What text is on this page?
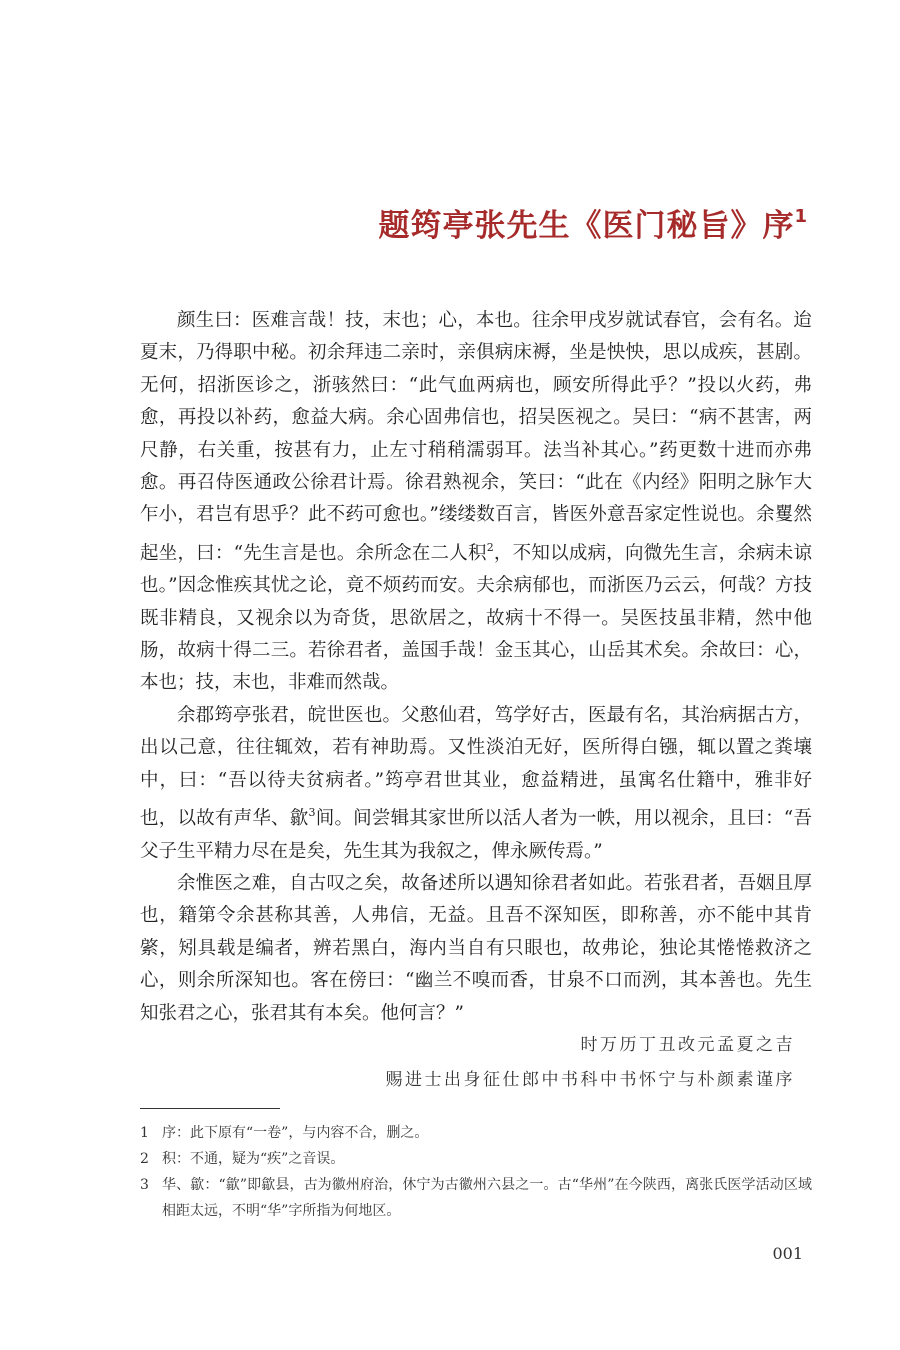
题筠亭张先生《医门秘旨》序$^1$

颜生曰：医难言哉！技，末也；心，本也。往余甲戌岁就试春官，会有名。迨夏末，乃得职中秘。初余拜违二亲时，亲俱病床褥，坐是怏怏，思以成疾，甚剧。无何，招浙医诊之，浙骇然曰：“此气血两病也，顾安所得此乎？”投以火药，弗愈，再投以补药，愈益大病。余心固弗信也，招吴医视之。吴曰：“病不甚害，两尺静，右关重，按甚有力，止左寸稍稍濡弱耳。法当补其心。”药更数十进而亦弗愈。再召侍医通政公徐君计焉。徐君熟视余，笑曰：“此在《内经》阳明之脉乍大乍小，君岂有思乎？此不药可愈也。”缕缕数百言，皆医外意吾家定性说也。余矍然起坐，曰：“先生言是也。余所念在二人积$^2$，不知以成病，向微先生言，余病未谅也。”因念惟疾其忧之论，竟不烦药而安。夫余病郁也，而浙医乃云云，何哉？方技既非精良，又视余以为奇货，思欲居之，故病十不得一。吴医技虽非精，然中他肠，故病十得二三。若徐君者，盖国手哉！金玉其心，山岳其术矣。余故曰：心，本也；技，末也，非难而然哉。

余郡筠亭张君，皖世医也。父憨仙君，笃学好古，医最有名，其治病据古方，出以己意，往往辄效，若有神助焉。又性淡泊无好，医所得白镪，辄以置之粪壤中，曰：“吾以待夫贫病者。”筠亭君世其业，愈益精进，虽寓名仕籍中，雅非好也，以故有声华、歙$^3$间。间尝辑其家世所以活人者为一帙，用以视余，且曰：“吾父子生平精力尽在是矣，先生其为我叙之，俾永厥传焉。”

余惟医之难，自古叹之矣，故备述所以遇知徐君者如此。若张君者，吾姻且厚也，籍第令余甚称其善，人弗信，无益。且吾不深知医，即称善，亦不能中其肯綮，矧具载是编者，辨若黑白，海内当自有只眼也，故弗论，独论其惓惓救济之心，则余所深知也。客在傍曰：“幽兰不嗅而香，甘泉不口而洌，其本善也。先生知张君之心，张君其有本矣。他何言？”

时万历丁丑改元孟夏之吉
赐进士出身征仕郎中书科中书怀宁与朴颜素谨序
1 序：此下原有“一卷”，与内容不合，删之。
2 积：不通，疑为“疾”之音误。
3 华、歙：“歙”即歙县，古为徽州府治，休宁为古徽州六县之一。古“华州”在今陕西，离张氏医学活动区域相距太远，不明“华”字所指为何地区。
001
